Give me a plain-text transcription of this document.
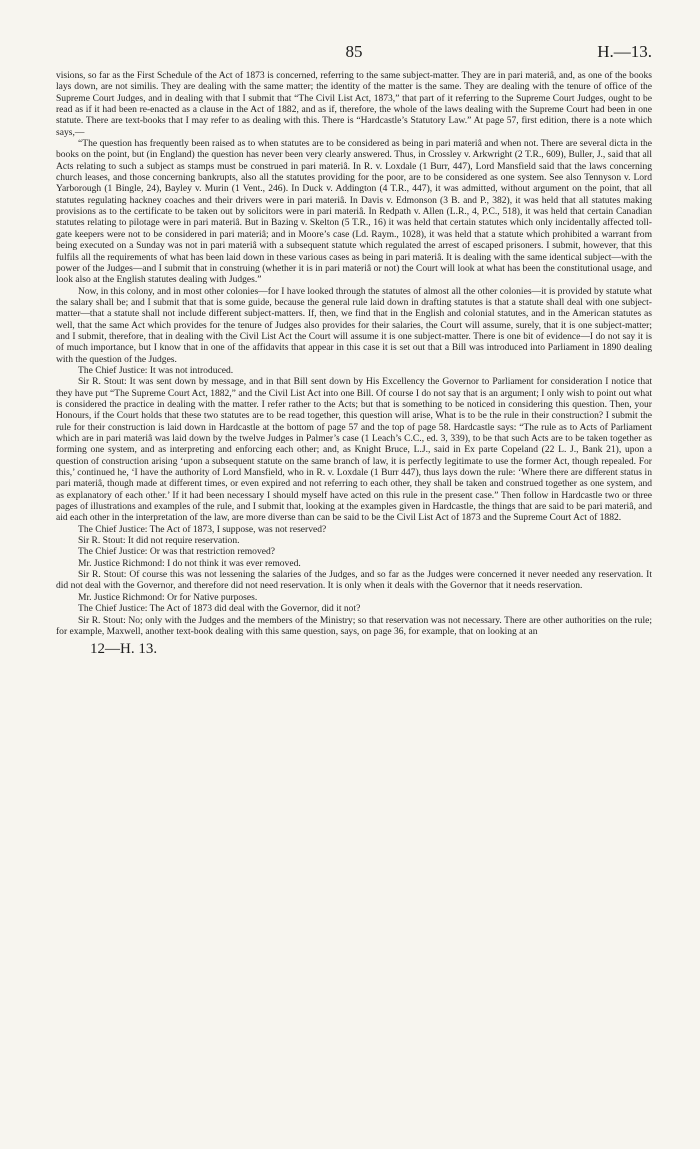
85	H.—13.

visions, so far as the First Schedule of the Act of 1873 is concerned, referring to the same subject-matter. They are in pari materiâ, and, as one of the books lays down, are not similis. They are dealing with the same matter; the identity of the matter is the same. They are dealing with the tenure of office of the Supreme Court Judges, and in dealing with that I submit that “The Civil List Act, 1873,” that part of it referring to the Supreme Court Judges, ought to be read as if it had been re-enacted as a clause in the Act of 1882, and as if, therefore, the whole of the laws dealing with the Supreme Court had been in one statute. There are text-books that I may refer to as dealing with this. There is “Hardcastle’s Statutory Law.” At page 57, first edition, there is a note which says,—

“The question has frequently been raised as to when statutes are to be considered as being in pari materiâ and when not. There are several dicta in the books on the point, but (in England) the question has never been very clearly answered. Thus, in Crossley v. Arkwright (2 T.R., 609), Buller, J., said that all Acts relating to such a subject as stamps must be construed in pari materiâ. In R. v. Loxdale (1 Burr, 447), Lord Mansfield said that the laws concerning church leases, and those concerning bankrupts, also all the statutes providing for the poor, are to be considered as one system. See also Tennyson v. Lord Yarborough (1 Bingle, 24), Bayley v. Murin (1 Vent., 246). In Duck v. Addington (4 T.R., 447), it was admitted, without argument on the point, that all statutes regulating hackney coaches and their drivers were in pari materiâ. In Davis v. Edmonson (3 B. and P., 382), it was held that all statutes making provisions as to the certificate to be taken out by solicitors were in pari materiâ. In Redpath v. Allen (L.R., 4, P.C., 518), it was held that certain Canadian statutes relating to pilotage were in pari materiâ. But in Bazing v. Skelton (5 T.R., 16) it was held that certain statutes which only incidentally affected toll-gate keepers were not to be considered in pari materiâ; and in Moore’s case (Ld. Raym., 1028), it was held that a statute which prohibited a warrant from being executed on a Sunday was not in pari materiâ with a subsequent statute which regulated the arrest of escaped prisoners. I submit, however, that this fulfils all the requirements of what has been laid down in these various cases as being in pari materiâ. It is dealing with the same identical subject—with the power of the Judges—and I submit that in construing (whether it is in pari materiâ or not) the Court will look at what has been the constitutional usage, and look also at the English statutes dealing with Judges.”

Now, in this colony, and in most other colonies—for I have looked through the statutes of almost all the other colonies—it is provided by statute what the salary shall be; and I submit that that is some guide, because the general rule laid down in drafting statutes is that a statute shall deal with one subject-matter—that a statute shall not include different subject-matters. If, then, we find that in the English and colonial statutes, and in the American statutes as well, that the same Act which provides for the tenure of Judges also provides for their salaries, the Court will assume, surely, that it is one subject-matter; and I submit, therefore, that in dealing with the Civil List Act the Court will assume it is one subject-matter. There is one bit of evidence—I do not say it is of much importance, but I know that in one of the affidavits that appear in this case it is set out that a Bill was introduced into Parliament in 1890 dealing with the question of the Judges.

The Chief Justice: It was not introduced.

Sir R. Stout: It was sent down by message, and in that Bill sent down by His Excellency the Governor to Parliament for consideration I notice that they have put “The Supreme Court Act, 1882,” and the Civil List Act into one Bill. Of course I do not say that is an argument; I only wish to point out what is considered the practice in dealing with the matter. I refer rather to the Acts; but that is something to be noticed in considering this question. Then, your Honours, if the Court holds that these two statutes are to be read together, this question will arise, What is to be the rule in their construction? I submit the rule for their construction is laid down in Hardcastle at the bottom of page 57 and the top of page 58. Hardcastle says: “The rule as to Acts of Parliament which are in pari materiâ was laid down by the twelve Judges in Palmer’s case (1 Leach’s C.C., ed. 3, 339), to be that such Acts are to be taken together as forming one system, and as interpreting and enforcing each other; and, as Knight Bruce, L.J., said in Ex parte Copeland (22 L. J., Bank 21), upon a question of construction arising ‘upon a subsequent statute on the same branch of law, it is perfectly legitimate to use the former Act, though repealed. For this,’ continued he, ‘I have the authority of Lord Mansfield, who in R. v. Loxdale (1 Burr 447), thus lays down the rule: ‘Where there are different status in pari materiâ, though made at different times, or even expired and not referring to each other, they shall be taken and construed together as one system, and as explanatory of each other.’ If it had been necessary I should myself have acted on this rule in the present case.” Then follow in Hardcastle two or three pages of illustrations and examples of the rule, and I submit that, looking at the examples given in Hardcastle, the things that are said to be pari materiâ, and aid each other in the interpretation of the law, are more diverse than can be said to be the Civil List Act of 1873 and the Supreme Court Act of 1882.

The Chief Justice: The Act of 1873, I suppose, was not reserved?

Sir R. Stout: It did not require reservation.

The Chief Justice: Or was that restriction removed?

Mr. Justice Richmond: I do not think it was ever removed.

Sir R. Stout: Of course this was not lessening the salaries of the Judges, and so far as the Judges were concerned it never needed any reservation. It did not deal with the Governor, and therefore did not need reservation. It is only when it deals with the Governor that it needs reservation.

Mr. Justice Richmond: Or for Native purposes.

The Chief Justice: The Act of 1873 did deal with the Governor, did it not?

Sir R. Stout: No; only with the Judges and the members of the Ministry; so that reservation was not necessary. There are other authorities on the rule; for example, Maxwell, another text-book dealing with this same question, says, on page 36, for example, that on looking at an

12—H. 13.
